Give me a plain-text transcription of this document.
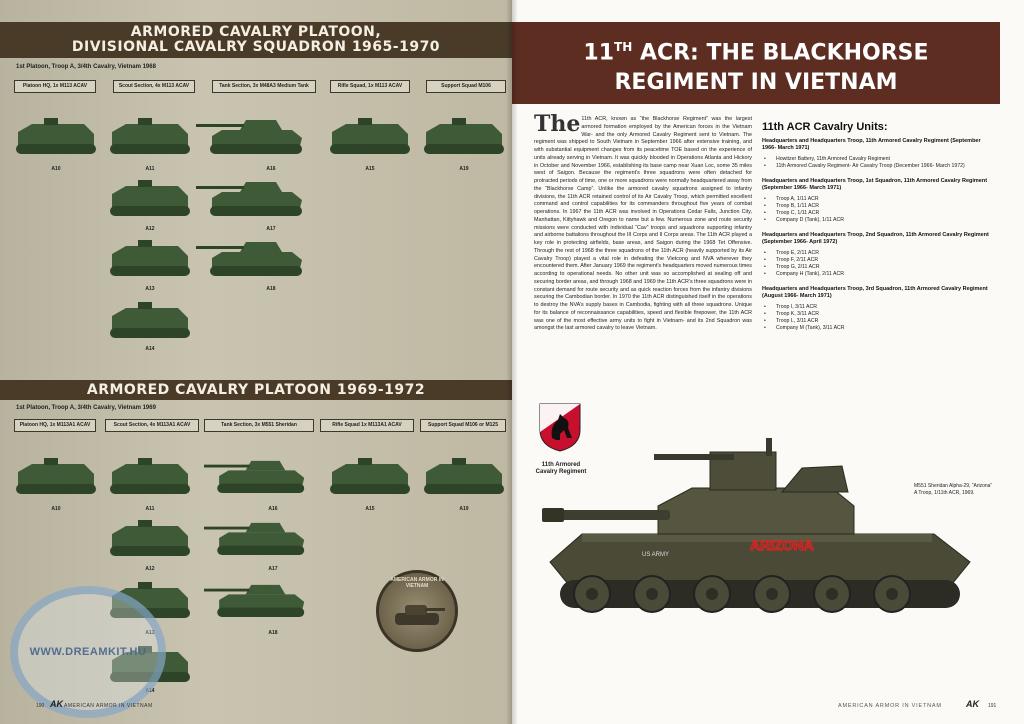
ARMORED CAVALRY PLATOON,
DIVISIONAL CAVALRY SQUADRON 1965-1970
1st Platoon, Troop A, 3/4th Cavalry, Vietnam 1968
Platoon HQ, 1x M113 ACAV	Scout Section, 4x M113 ACAV	Tank Section, 3x M48A3 Medium Tank	Rifle Squad, 1x M113 ACAV	Support Squad M106
A10	A11
A12
A13
A14
A16
A17
A18
A15	A19
ARMORED CAVALRY PLATOON 1969-1972
1st Platoon, Troop A, 3/4th Cavalry, Vietnam 1969
Platoon HQ, 1x M113A1 ACAV	Scout Section, 4x M113A1 ACAV	Tank Section, 3x M551 Sheridan	Rifle Squad 1x M113A1 ACAV	Support Squad M106 or M125
A10	A11
A12
A13
A14
A16
A17
A18
A15	A19
AMERICAN ARMOR IN VIETNAM
WWW.DREAMKIT.HU
190 AK AMERICAN ARMOR IN VIETNAM
11TH ACR: THE BLACKHORSE
REGIMENT IN VIETNAM
The 11th ACR, known as “the Blackhorse Regiment” was the largest armored formation employed by the American forces in the Vietnam War- and the only Armored Cavalry Regiment sent to Vietnam. The regiment was shipped to South Vietnam in September 1966 after extensive training, and with substantial equipment changes from its peacetime TOE based on the experience of units already serving in Vietnam. It was quickly blooded in Operations Atlanta and Hickory in October and November 1966, establishing its base camp near Xuan Loc, some 35 miles west of Saigon. Because the regiment’s three squadrons were often detached for protracted periods of time, one or more squadrons were normally headquartered away from the “Blackhorse Camp”. Unlike the armored cavalry squadrons assigned to infantry divisions, the 11th ACR retained control of its Air Cavalry Troop, which permitted excellent command and control capabilities for its commanders throughout five years of combat operations. In 1967 the 11th ACR was involved in Operations Cedar Falls, Junction City, Manhattan, Kittyhawk and Oregon to name but a few. Numerous zone and route security missions were conducted with individual “Cav” troops and squadrons supporting infantry and airborne battalions throughout the III Corps and II Corps areas. The 11th ACR played a key role in protecting airfields, base areas, and Saigon during the 1968 Tet Offensive. Through the rest of 1968 the three squadrons of the 11th ACR (heavily supported by its Air Cavalry Troop) played a vital role in defeating the Vietcong and NVA wherever they encountered them. After January 1969 the regiment’s headquarters moved numerous times according to operational needs. No other unit was so accomplished at sealing off and securing border areas, and through 1968 and 1969 the 11th ACR’s three squadrons were in constant demand for route security and as quick reaction forces from the infantry divisions securing the Cambodian border. In 1970 the 11th ACR distinguished itself in the operations to destroy the NVA’s supply bases in Cambodia, fighting with all three squadrons. Unique for its balance of reconnaissance capabilities, speed and flexible firepower, the 11th ACR was one of the most effective army units to fight in Vietnam- and its 2nd Squadron was amongst the last armored cavalry to leave Vietnam.
11th ACR Cavalry Units:
Headquarters and Headquarters Troop, 11th Armored Cavalry Regiment (September 1966- March 1971)
• Howitzer Battery, 11th Armored Cavalry Regiment
• 11th Armored Cavalry Regiment- Air Cavalry Troop (December 1966- March 1972)
Headquarters and Headquarters Troop, 1st Squadron, 11th Armored Cavalry Regiment (September 1966- March 1971)
• Troop A, 1/11 ACR
• Troop B, 1/11 ACR
• Troop C, 1/11 ACR
• Company D (Tank), 1/11 ACR
Headquarters and Headquarters Troop, 2nd Squadron, 11th Armored Cavalry Regiment (September 1966- April 1972)
• Troop E, 2/11 ACR
• Troop F, 2/11 ACR
• Troop G, 2/11 ACR
• Company H (Tank), 2/11 ACR
Headquarters and Headquarters Troop, 3rd Squadron, 11th Armored Cavalry Regiment (August 1966- March 1971)
• Troop I, 3/11 ACR
• Troop K, 3/11 ACR
• Troop L, 3/11 ACR
• Company M (Tank), 3/11 ACR
11th Armored
Cavalry Regiment
ARIZONA
US ARMY
M551 Sheridan Alpha-29, “Arizona”
A Troop, 1/11th ACR, 1969.
AMERICAN ARMOR IN VIETNAM	AK 191
